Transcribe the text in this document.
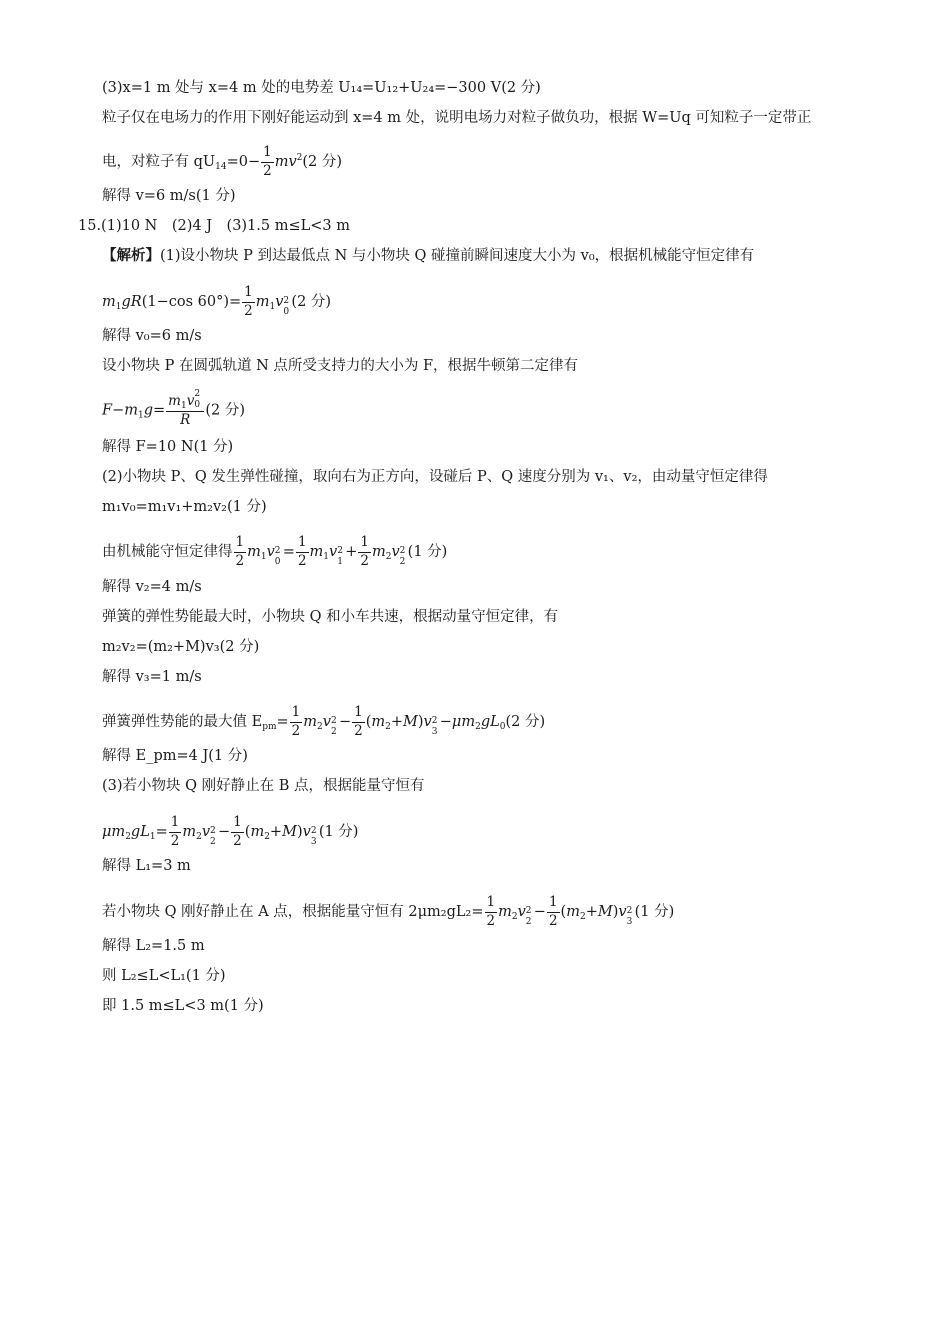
(3)x=1 m 处与 x=4 m 处的电势差 U₁₄=U₁₂+U₂₄=−300 V(2 分)
粒子仅在电场力的作用下刚好能运动到 x=4 m 处，说明电场力对粒子做负功，根据 W=Uq 可知粒子一定带正
电，对粒子有 $qU_{14}=0- \frac{1}{2} mv^2(2$ 分)
解得 v=6 m/s(1 分)
15.(1)10 N　(2)4 J　(3)1.5 m≤L<3 m
【解析】(1)设小物块 P 到达最低点 N 与小物块 Q 碰撞前瞬间速度大小为 v₀，根据机械能守恒定律有
$m_1gR(1-\cos$ $60^\circ)= \frac{1}{2} m_1v$ 2
0
(2 分)
解得 v₀=6 m/s
设小物块 P 在圆弧轨道 N 点所受支持力的大小为 F，根据牛顿第二定律有
$F-m_1g= m_1v$ 2
0
R (2 分)
解得 F=10 N(1 分)
(2)小物块 P、Q 发生弹性碰撞，取向右为正方向，设碰后 P、Q 速度分别为 v₁、v₂，由动量守恒定律得
m₁v₀=m₁v₁+m₂v₂(1 分)
由机械能守恒定律得 $\frac{1}{2} m_1v$ 2
0
= $\frac{1}{2} m_1v$ 2
1
+ $\frac{1}{2} m_2v$ 2
2
(1 分)
解得 v₂=4 m/s
弹簧的弹性势能最大时，小物块 Q 和小车共速，根据动量守恒定律，有
m₂v₂=(m₂+M)v₃(2 分)
解得 v₃=1 m/s
弹簧弹性势能的最大值 $E_{pm}= \frac{1}{2} m_2v$ 2
2
− $\frac{1}{2} (m_2+M)v$ 2
3
$-\mu m_2gL_0(2$ 分)
解得 E_pm=4 J(1 分)
(3)若小物块 Q 刚好静止在 B 点，根据能量守恒有
$\mu m_2gL_1= \frac{1}{2} m_2v$ 2
2
− $\frac{1}{2} (m_2+M)v$ 2
3
(1 分)
解得 L₁=3 m
若小物块 Q 刚好静止在 A 点，根据能量守恒有 $2\mu m_2gL_2= \frac{1}{2} m_2v$ 2
2
− $\frac{1}{2} (m_2+M)v$ 2
3
(1 分)
解得 L₂=1.5 m
则 L₂≤L<L₁(1 分)
即 1.5 m≤L<3 m(1 分)
